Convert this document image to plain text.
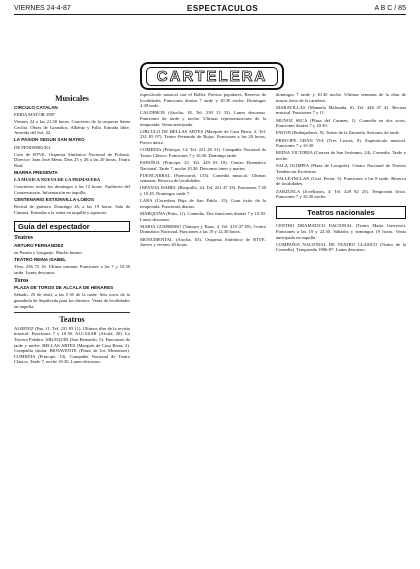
VIERNES 24-4-87	ESPECTACULOS	A B C / 85
CARTELERA
Musicales

CIRCULO CATALAN

FERIA MAYOR 1987

Viernes 24 a las 21.30 horas. Concierto de la orquesta Santa Cecilia. Obras de Granados, Albéniz y Falla. Entrada libre. Avenida del Sol, 42.

LA PASION SEGUN SAN MATEO

DE PENDERECKI

Coro de RTVE. Orquesta Sinfónica Nacional de Polonia. Director: Juan José Mena. Días 25 y 26 a las 20 horas. Teatro Real.

IBARRA PRESENTA

LA MUSICA NUEVA DE LA PRIMAVERA

Conciertos todos los domingos a las 12 horas. Auditorio del Conservatorio. Información en taquilla.

CENTENARIO ESTIONVILLA-LOBOS

Recital de guitarra. Domingo 26, a las 19 horas. Sala de Cámara. Entradas a la venta en taquilla y agencias.

Guía del espectador
Teatros

ARTURO FERNANDEZ

en Pasión y Lenguaje. Mucho humor.

TEATRO REINA ISABEL

Tfno. 256 73 16. Ultima semana. Funciones a las 7 y 10.30 tarde. Lunes descanso.

Toros

PLAZA DE TOROS DE ALCALA DE HENARES

Sábado, 25 de abril, a las 5.30 de la tarde. Seis toros de la ganadería de Sepúlveda para los diestros. Venta de localidades en taquilla.

Teatros

ALBENIZ (Paz, 11. Tel. 231 83 11). Ultimos días de la revista musical. Funciones 7 y 10.30. ALCAZAR (Alcalá, 20). La Tercera Palabra. ARLEQUIN (San Bernardo, 5). Funciones de tarde y noche. BELLAS ARTES (Marqués de Casa Riera, 2). Compañía titular. BENAVENTE (Plaza de los Mostenses). COMEDIA (Príncipe, 14). Compañía Nacional de Teatro Clásico. Tarde 7, noche 10.30. Lunes descanso.

espectáculo musical con el Ballet. Precios populares. Reserva de localidades. Funciones diarias 7 tarde y 10.30 noche. Domingos 4.30 tarde.

CALDERON (Atocha, 18. Tel. 239 13 33). Lunes descanso. Funciones de tarde y noche. Ultimas representaciones de la temporada. Venta anticipada.

CIRCULO DE BELLAS ARTES (Marqués de Casa Riera, 2. Tel. 231 85 07). Teatro Fernando de Rojas. Funciones a las 20 horas. Precio único.

COMEDIA (Príncipe, 14. Tel. 221 49 31). Compañía Nacional de Teatro Clásico. Funciones 7 y 10.30. Domingo tarde.

ESPAÑOL (Príncipe, 25. Tel. 429 03 18). Centro Dramático Nacional. Tarde 7, noche 10.30. Descanso lunes y martes.

FUENCARRAL (Fuencarral, 133). Comedia musical. Ultimas semanas. Reserva de localidades.

INFANTA ISABEL (Barquillo, 24. Tel. 221 47 33). Funciones 7.30 y 10.45. Domingos tarde 7.

LARA (Corredera Baja de San Pablo, 15). Gran éxito de la temporada. Funciones diarias.

MARQUINA (Prim, 11). Comedia. Dos funciones diarias 7 y 10.30. Lunes descanso.

MARIA GUERRERO (Tamayo y Baus, 4. Tel. 419 47 69). Centro Dramático Nacional. Funciones a las 19 y 22.30 horas.

MONUMENTAL (Atocha, 65). Orquesta Sinfónica de RTVE. Jueves y viernes 20 horas.

domingos 7 tarde y 10.30 noche. Ultimas semanas de la obra de mayor éxito de la cartelera.

MARAVILLAS (Manuela Malasaña, 6). Tel. 446 47 41. Revista musical. Funciones 7 y 11.

MUÑOZ SECA (Plaza del Carmen, 1). Comedia en dos actos. Funciones diarias 7 y 10.30.

PAVON (Embajadores, 9). Teatro de la Zarzuela. Sesiones de tarde.

PRINCIPE GRAN VIA (Tres Cruces, 8). Espectáculo musical. Funciones 7 y 10.30.

REINA VICTORIA (Carrera de San Jerónimo, 24). Comedia. Tarde y noche.

SALA OLIMPIA (Plaza de Lavapiés). Centro Nacional de Nuevas Tendencias Escénicas.

VALLE-INCLAN (Gral. Perón, 5). Funciones a las 8 tarde. Reserva de localidades.

ZARZUELA (Jovellanos, 4. Tel. 429 82 25). Temporada lírica. Funciones 7 y 10.30 noche.

Teatros nacionales

CENTRO DRAMATICO NACIONAL (Teatro María Guerrero). Funciones a las 19 y 22.30. Sábados y domingos 19 horas. Venta anticipada en taquilla.

COMPAÑIA NACIONAL DE TEATRO CLASICO (Teatro de la Comedia). Temporada 1986-87. Lunes descanso.
